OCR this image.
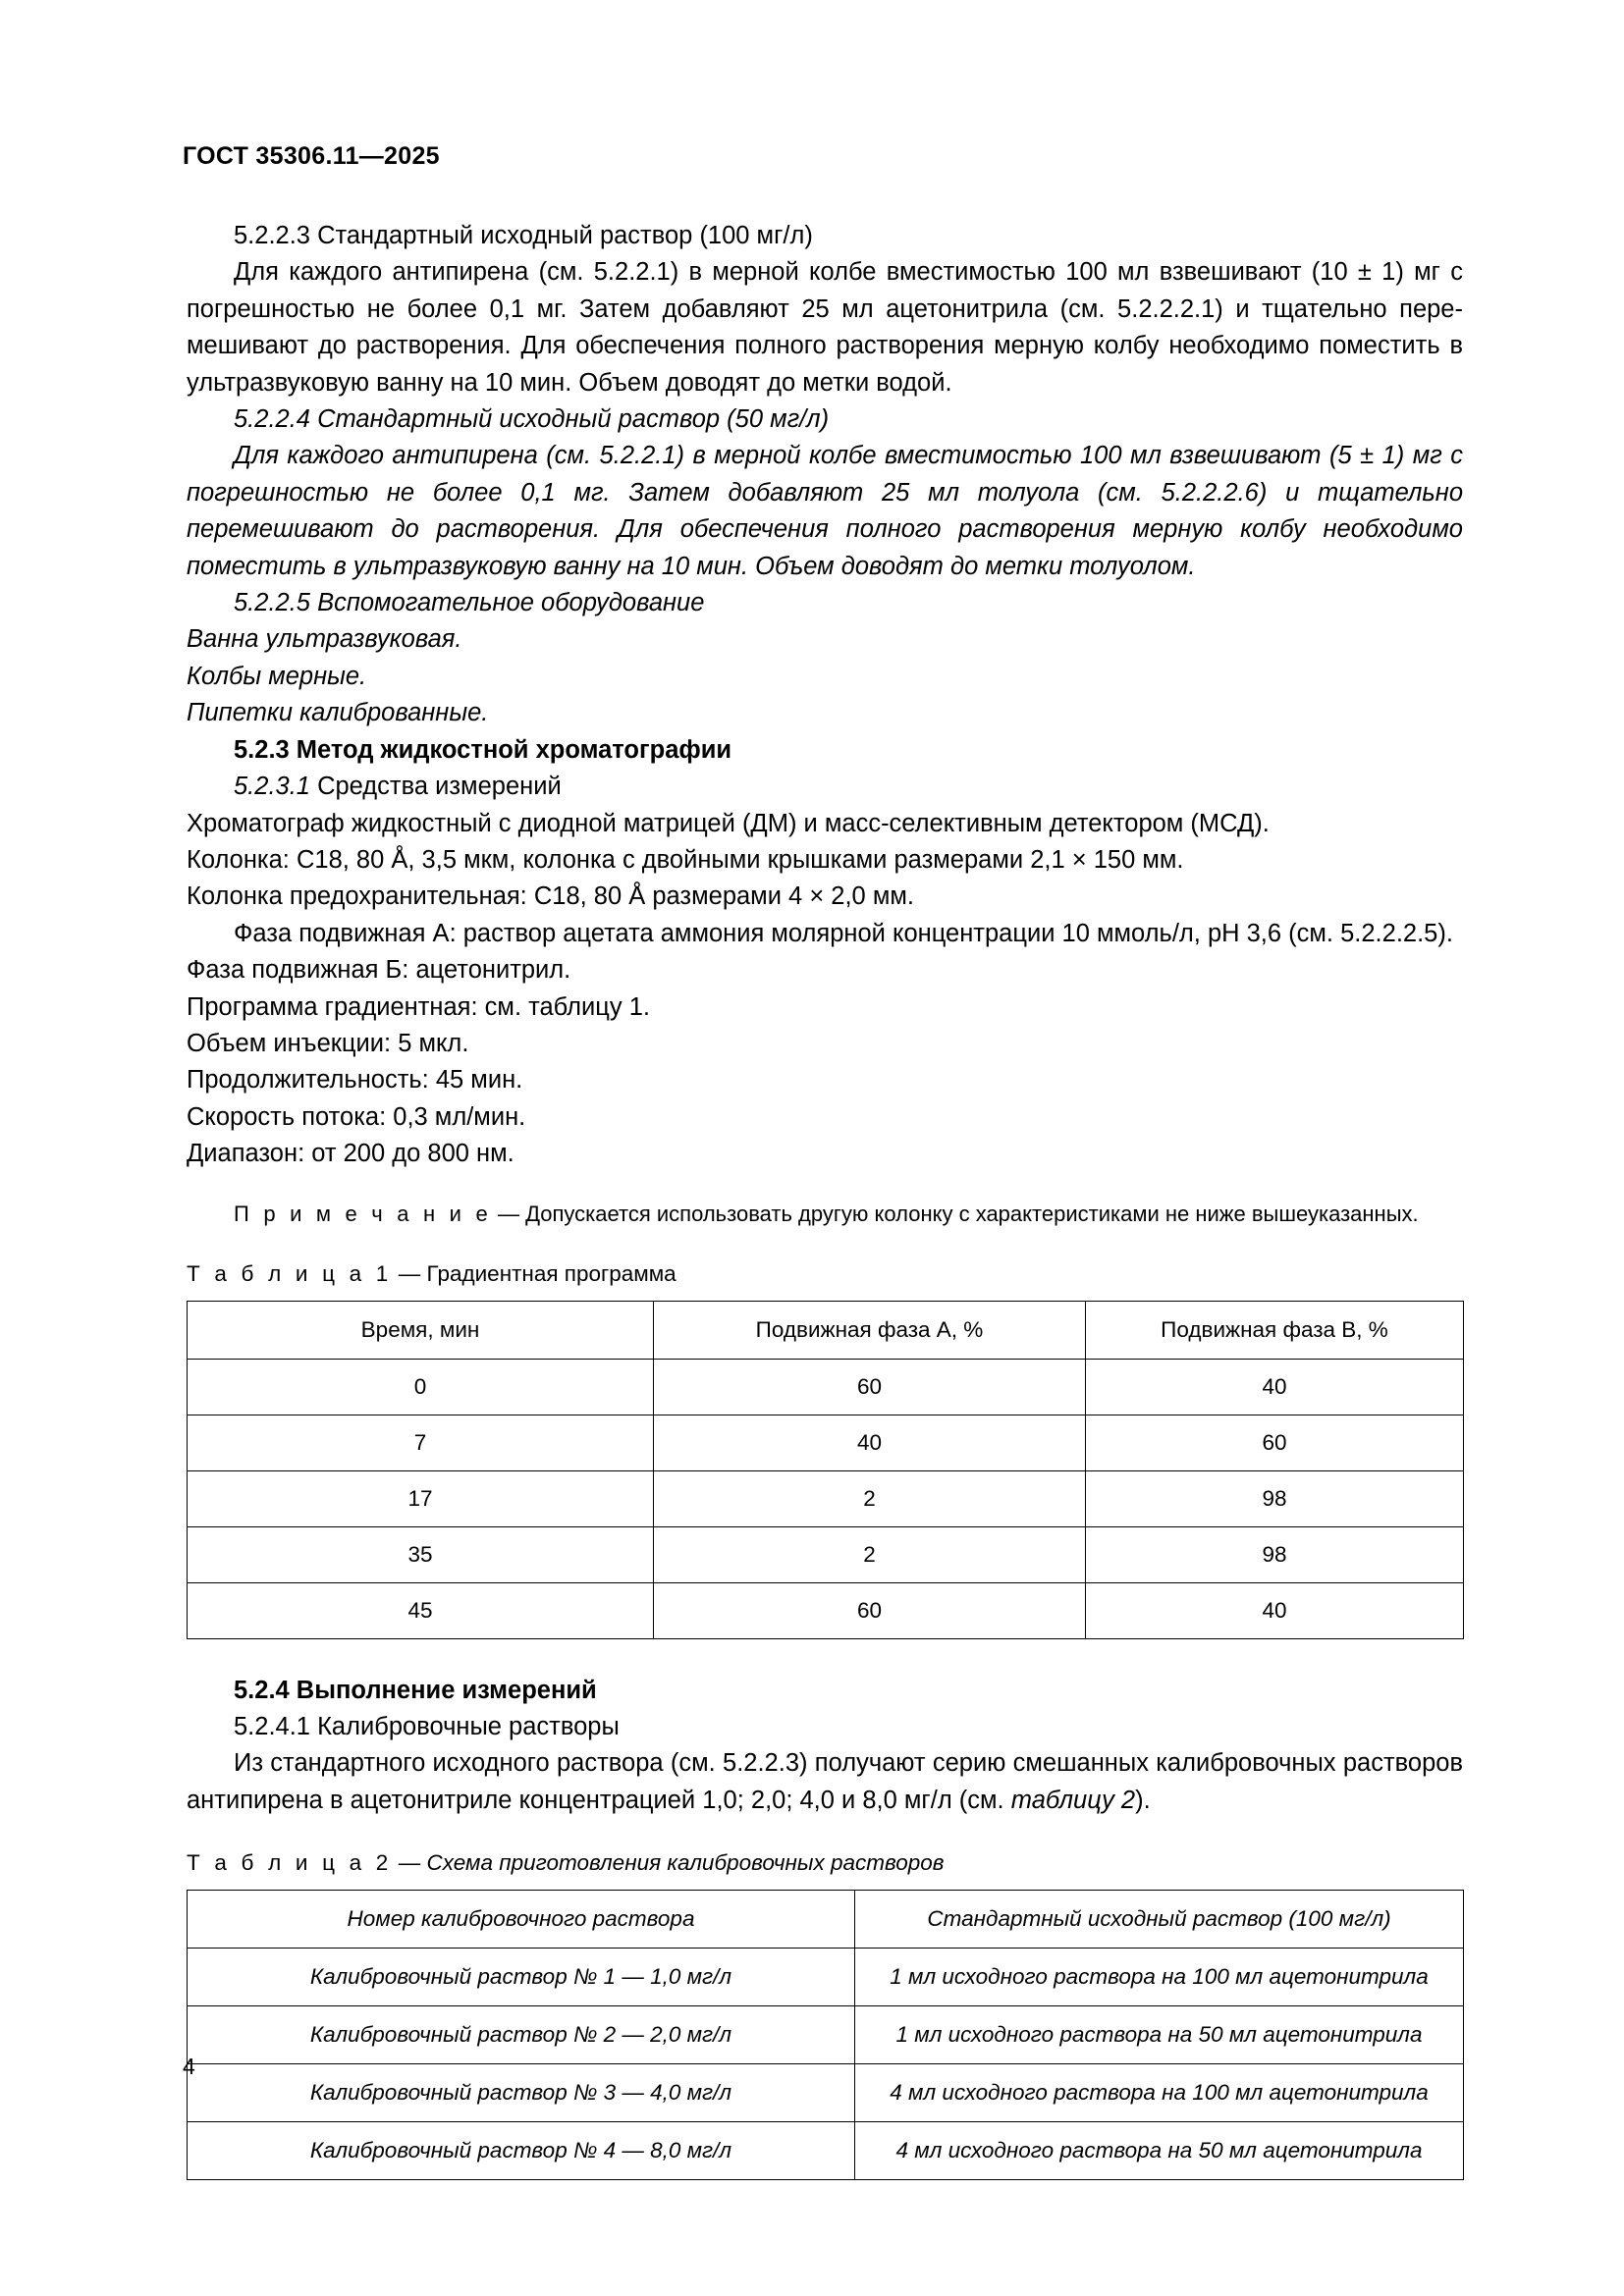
ГОСТ 35306.11—2025

5.2.2.3 Стандартный исходный раствор (100 мг/л)

Для каждого антипирена (см. 5.2.2.1) в мерной колбе вместимостью 100 мл взвешивают (10 ± 1) мг с погрешностью не более 0,1 мг. Затем добавляют 25 мл ацетонитрила (см. 5.2.2.2.1) и тщательно перемешивают до растворения. Для обеспечения полного растворения мерную колбу необходимо поместить в ультразвуковую ванну на 10 мин. Объем доводят до метки водой.

5.2.2.4 Стандартный исходный раствор (50 мг/л)

Для каждого антипирена (см. 5.2.2.1) в мерной колбе вместимостью 100 мл взвешивают (5 ± 1) мг с погрешностью не более 0,1 мг. Затем добавляют 25 мл толуола (см. 5.2.2.2.6) и тщательно перемешивают до растворения. Для обеспечения полного растворения мерную колбу необходимо поместить в ультразвуковую ванну на 10 мин. Объем доводят до метки толуолом.

5.2.2.5 Вспомогательное оборудование

Ванна ультразвуковая.

Колбы мерные.

Пипетки калиброванные.

5.2.3 Метод жидкостной хроматографии

5.2.3.1 Средства измерений

Хроматограф жидкостный с диодной матрицей (ДМ) и масс-селективным детектором (МСД).

Колонка: С18, 80 Å, 3,5 мкм, колонка с двойными крышками размерами 2,1 × 150 мм.

Колонка предохранительная: С18, 80 Å размерами 4 × 2,0 мм.

Фаза подвижная А: раствор ацетата аммония молярной концентрации 10 ммоль/л, рН 3,6 (см. 5.2.2.2.5).

Фаза подвижная Б: ацетонитрил.

Программа градиентная: см. таблицу 1.

Объем инъекции: 5 мкл.

Продолжительность: 45 мин.

Скорость потока: 0,3 мл/мин.

Диапазон: от 200 до 800 нм.

П р и м е ч а н и е — Допускается использовать другую колонку с характеристиками не ниже вышеуказанных.
Т а б л и ц а 1 — Градиентная программа
Время, мин	Подвижная фаза А, %	Подвижная фаза В, %
0	60	40
7	40	60
17	2	98
35	2	98
45	60	40

5.2.4 Выполнение измерений

5.2.4.1 Калибровочные растворы

Из стандартного исходного раствора (см. 5.2.2.3) получают серию смешанных калибровочных растворов антипирена в ацетонитриле концентрацией 1,0; 2,0; 4,0 и 8,0 мг/л (см. таблицу 2).

Т а б л и ц а 2 — Схема приготовления калибровочных растворов
Номер калибровочного раствора	Стандартный исходный раствор (100 мг/л)
Калибровочный раствор № 1 — 1,0 мг/л	1 мл исходного раствора на 100 мл ацетонитрила
Калибровочный раствор № 2 — 2,0 мг/л	1 мл исходного раствора на 50 мл ацетонитрила
Калибровочный раствор № 3 — 4,0 мг/л	4 мл исходного раствора на 100 мл ацетонитрила
Калибровочный раствор № 4 — 8,0 мг/л	4 мл исходного раствора на 50 мл ацетонитрила
4
